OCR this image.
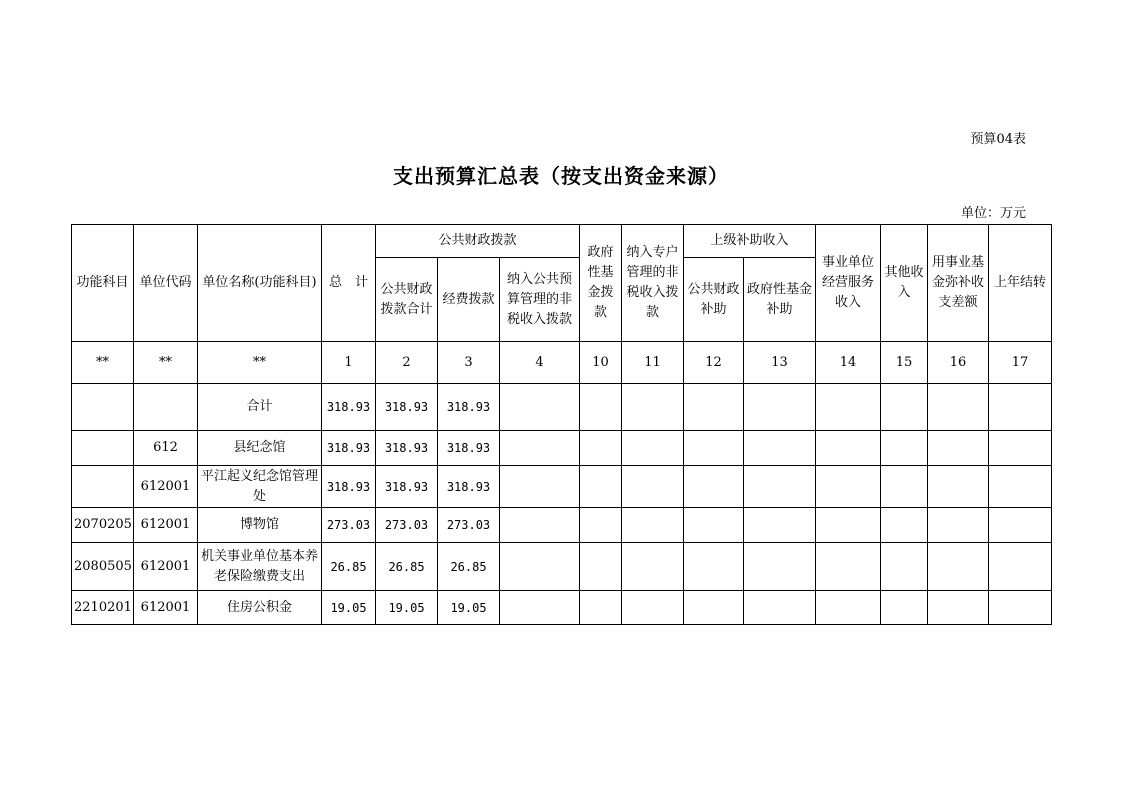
预算04表
支出预算汇总表（按支出资金来源）
单位：万元
功能科目	单位代码	单位名称(功能科目)	总　计	公共财政拨款			政府性基金拨款	纳入专户管理的非税收入拨款	上级补助收入		事业单位经营服务收入	其他收入	用事业基金弥补收支差额	上年结转
				公共财政拨款合计	经费拨款	纳入公共预算管理的非税收入拨款			公共财政补助	政府性基金补助				
**	**	**	1	2	3	4	10	11	12	13	14	15	16	17
		合计	318.93	318.93	318.93									
	612	县纪念馆	318.93	318.93	318.93									
	612001	平江起义纪念馆管理处	318.93	318.93	318.93									
2070205	612001	博物馆	273.03	273.03	273.03									
2080505	612001	机关事业单位基本养老保险缴费支出	26.85	26.85	26.85									
2210201	612001	住房公积金	19.05	19.05	19.05									
